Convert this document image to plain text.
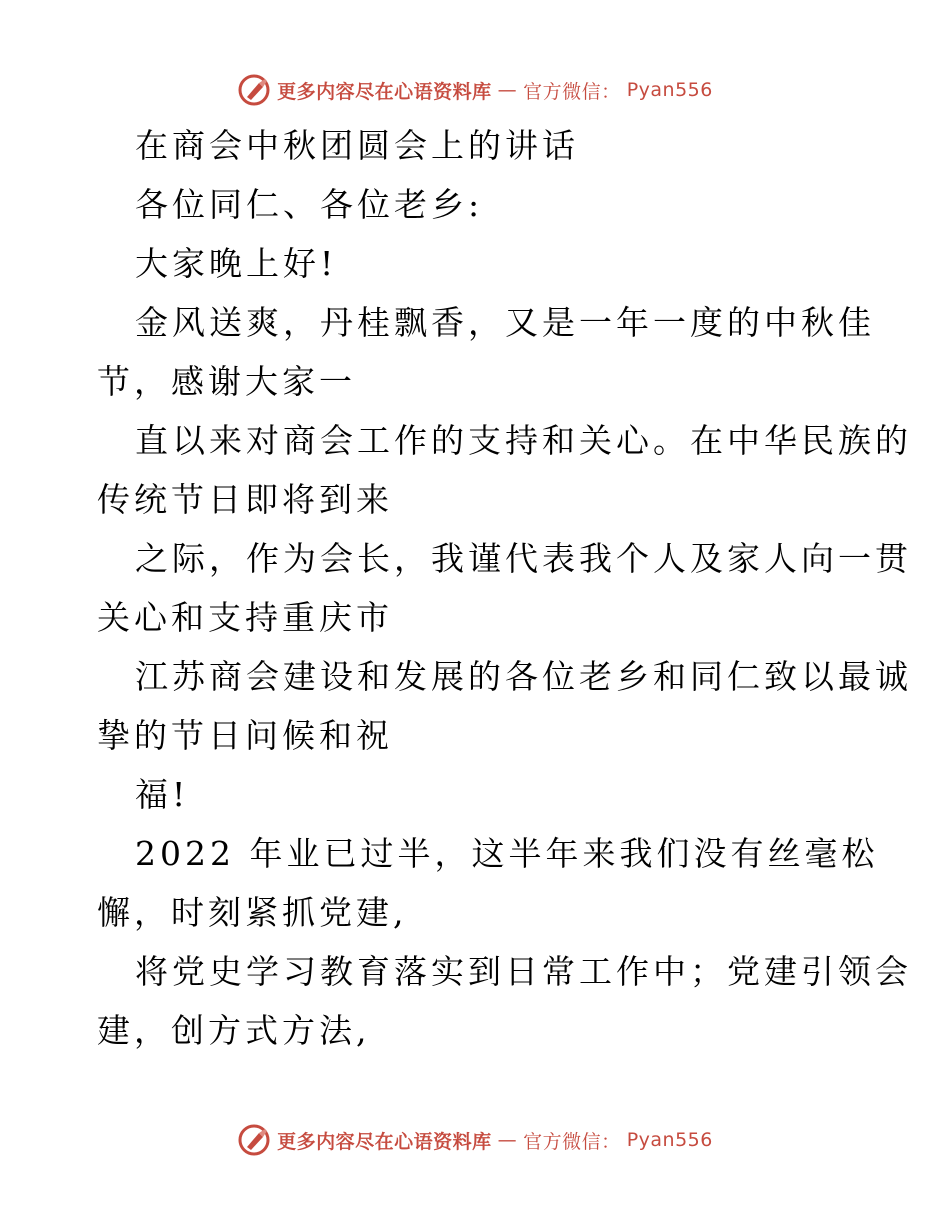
更多内容尽在心语资料库 — 官方微信： Pyan556
在商会中秋团圆会上的讲话
各位同仁、各位老乡:
大家晚上好!
金风送爽，丹桂飘香，又是一年一度的中秋佳
节，感谢大家一
直以来对商会工作的支持和关心。在中华民族的
传统节日即将到来
之际，作为会长，我谨代表我个人及家人向一贯
关心和支持重庆市
江苏商会建设和发展的各位老乡和同仁致以最诚
挚的节日问候和祝
福!
2022 年业已过半，这半年来我们没有丝毫松
懈，时刻紧抓党建,
将党史学习教育落实到日常工作中；党建引领会
建，创方式方法,
更多内容尽在心语资料库 — 官方微信： Pyan556
